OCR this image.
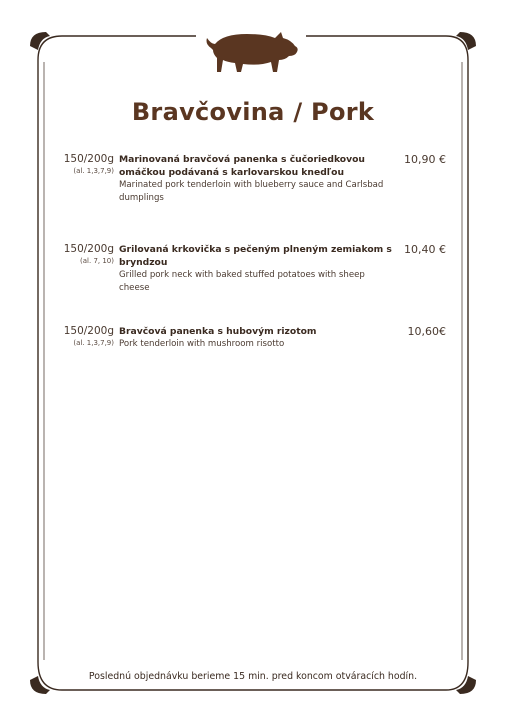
Bravčovina / Pork
150/200g
(al. 1,3,7,9)
Marinovaná bravčová panenka s čučoriedkovou omáčkou podávaná s karlovarskou knedľou
Marinated pork tenderloin with blueberry sauce and Carlsbad dumplings
10,90 €
150/200g
(al. 7, 10)
Grilovaná krkovička s pečeným plneným zemiakom s bryndzou
Grilled pork neck with baked stuffed potatoes with sheep cheese
10,40 €
150/200g
(al. 1,3,7,9)
Bravčová panenka s hubovým rizotom
Pork tenderloin with mushroom risotto
10,60€
Poslednú objednávku berieme 15 min. pred koncom otváracích hodín.
